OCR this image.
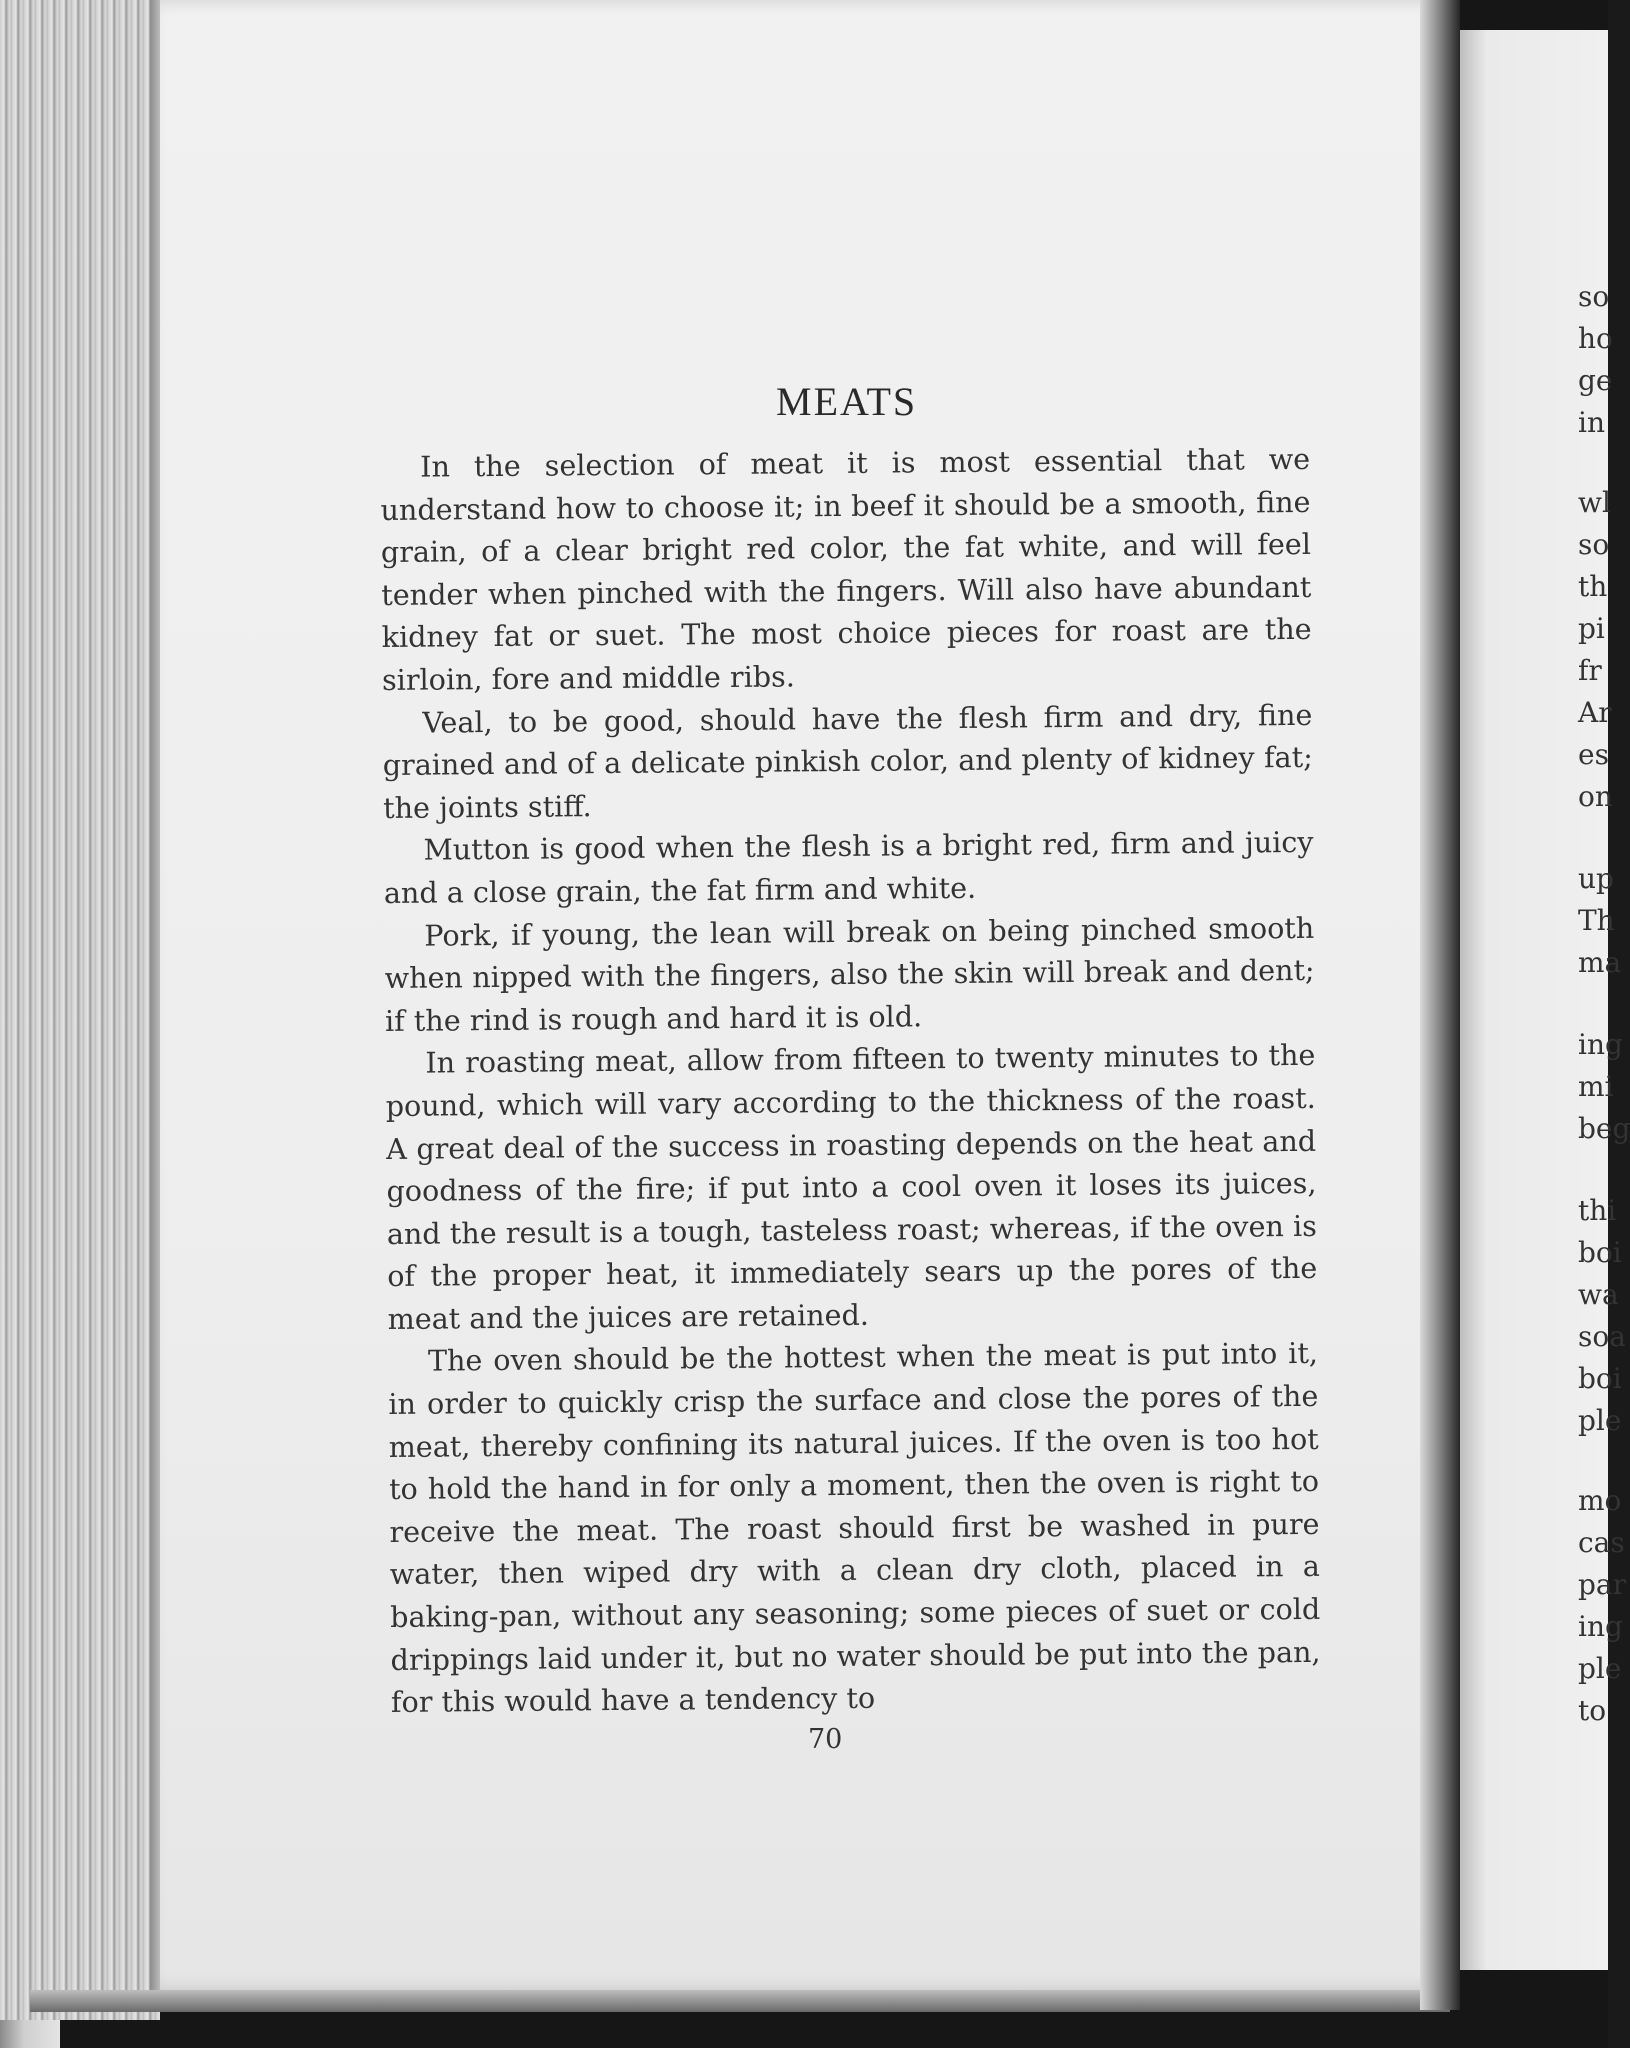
MEATS

In the selection of meat it is most essential that we understand how to choose it; in beef it should be a smooth, fine grain, of a clear bright red color, the fat white, and will feel tender when pinched with the fingers. Will also have abundant kidney fat or suet. The most choice pieces for roast are the sirloin, fore and middle ribs.

Veal, to be good, should have the flesh firm and dry, fine grained and of a delicate pinkish color, and plenty of kidney fat; the joints stiff.

Mutton is good when the flesh is a bright red, firm and juicy and a close grain, the fat firm and white.

Pork, if young, the lean will break on being pinched smooth when nipped with the fingers, also the skin will break and dent; if the rind is rough and hard it is old.

In roasting meat, allow from fifteen to twenty minutes to the pound, which will vary according to the thickness of the roast. A great deal of the success in roasting depends on the heat and goodness of the fire; if put into a cool oven it loses its juices, and the result is a tough, tasteless roast; whereas, if the oven is of the proper heat, it immediately sears up the pores of the meat and the juices are retained.

The oven should be the hottest when the meat is put into it, in order to quickly crisp the surface and close the pores of the meat, thereby confining its natural juices. If the oven is too hot to hold the hand in for only a moment, then the oven is right to receive the meat. The roast should first be washed in pure water, then wiped dry with a clean dry cloth, placed in a baking-pan, without any seasoning; some pieces of suet or cold drippings laid under it, but no water should be put into the pan, for this would have a tendency to

70
so
ho
ge
in
wl
so
th
pi
fr
Ar
es
on
up
Th
ma
ing
mi
beg
thi
boi
wa
soa
boi
ple
mo
cas
par
ing
ple
to
